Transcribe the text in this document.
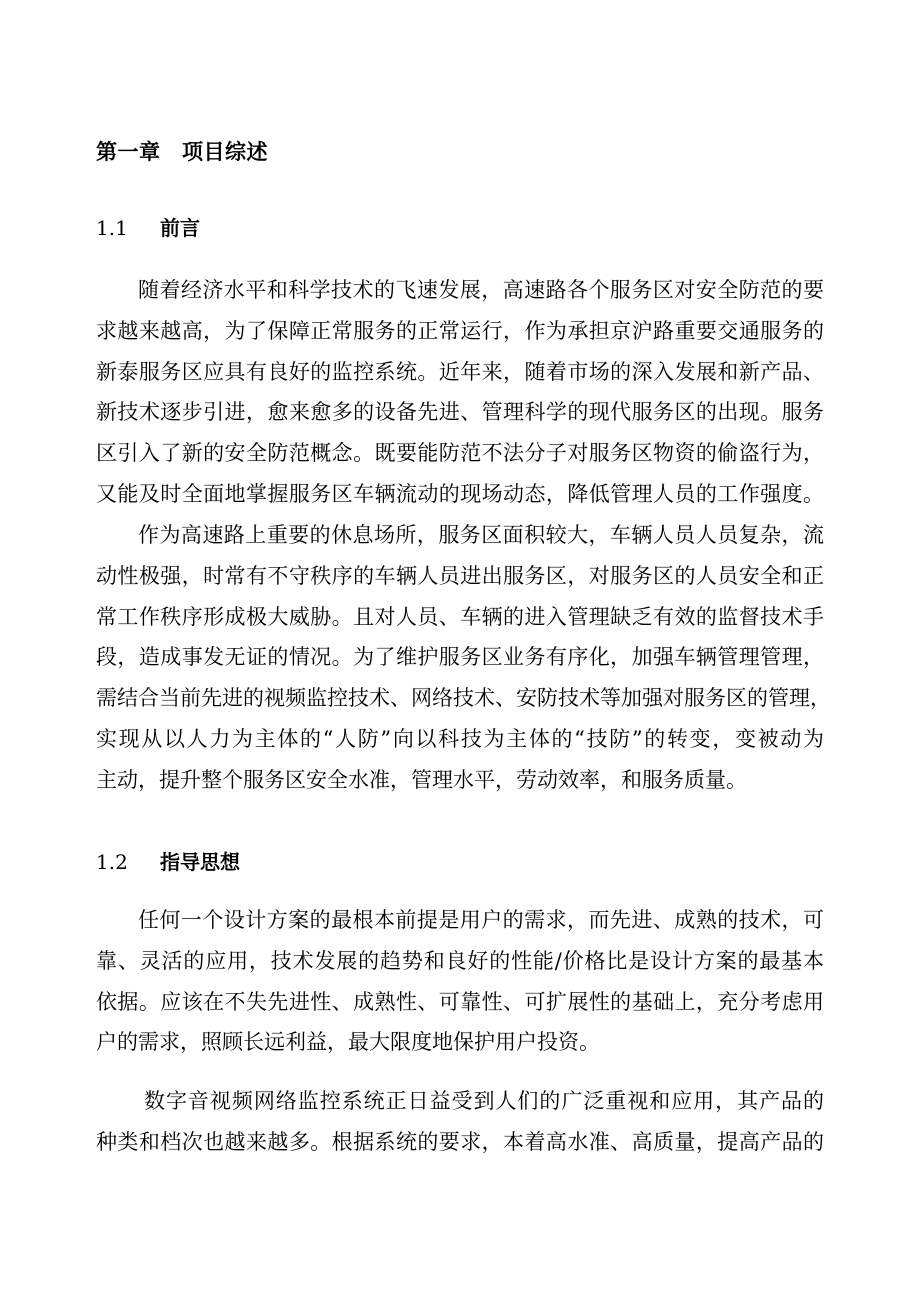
第一章　项目综述
1.1	前言
随着经济水平和科学技术的飞速发展，高速路各个服务区对安全防范的要
求越来越高，为了保障正常服务的正常运行，作为承担京沪路重要交通服务的
新泰服务区应具有良好的监控系统。近年来，随着市场的深入发展和新产品、
新技术逐步引进，愈来愈多的设备先进、管理科学的现代服务区的出现。服务
区引入了新的安全防范概念。既要能防范不法分子对服务区物资的偷盗行为，
又能及时全面地掌握服务区车辆流动的现场动态，降低管理人员的工作强度。
作为高速路上重要的休息场所，服务区面积较大，车辆人员人员复杂，流
动性极强，时常有不守秩序的车辆人员进出服务区，对服务区的人员安全和正
常工作秩序形成极大威胁。且对人员、车辆的进入管理缺乏有效的监督技术手
段，造成事发无证的情况。为了维护服务区业务有序化，加强车辆管理管理，
需结合当前先进的视频监控技术、网络技术、安防技术等加强对服务区的管理，
实现从以人力为主体的“人防”向以科技为主体的“技防”的转变，变被动为
主动，提升整个服务区安全水准，管理水平，劳动效率，和服务质量。
1.2	指导思想
任何一个设计方案的最根本前提是用户的需求，而先进、成熟的技术，可
靠、灵活的应用，技术发展的趋势和良好的性能/价格比是设计方案的最基本
依据。应该在不失先进性、成熟性、可靠性、可扩展性的基础上，充分考虑用
户的需求，照顾长远利益，最大限度地保护用户投资。
数字音视频网络监控系统正日益受到人们的广泛重视和应用，其产品的
种类和档次也越来越多。根据系统的要求，本着高水准、高质量，提高产品的
